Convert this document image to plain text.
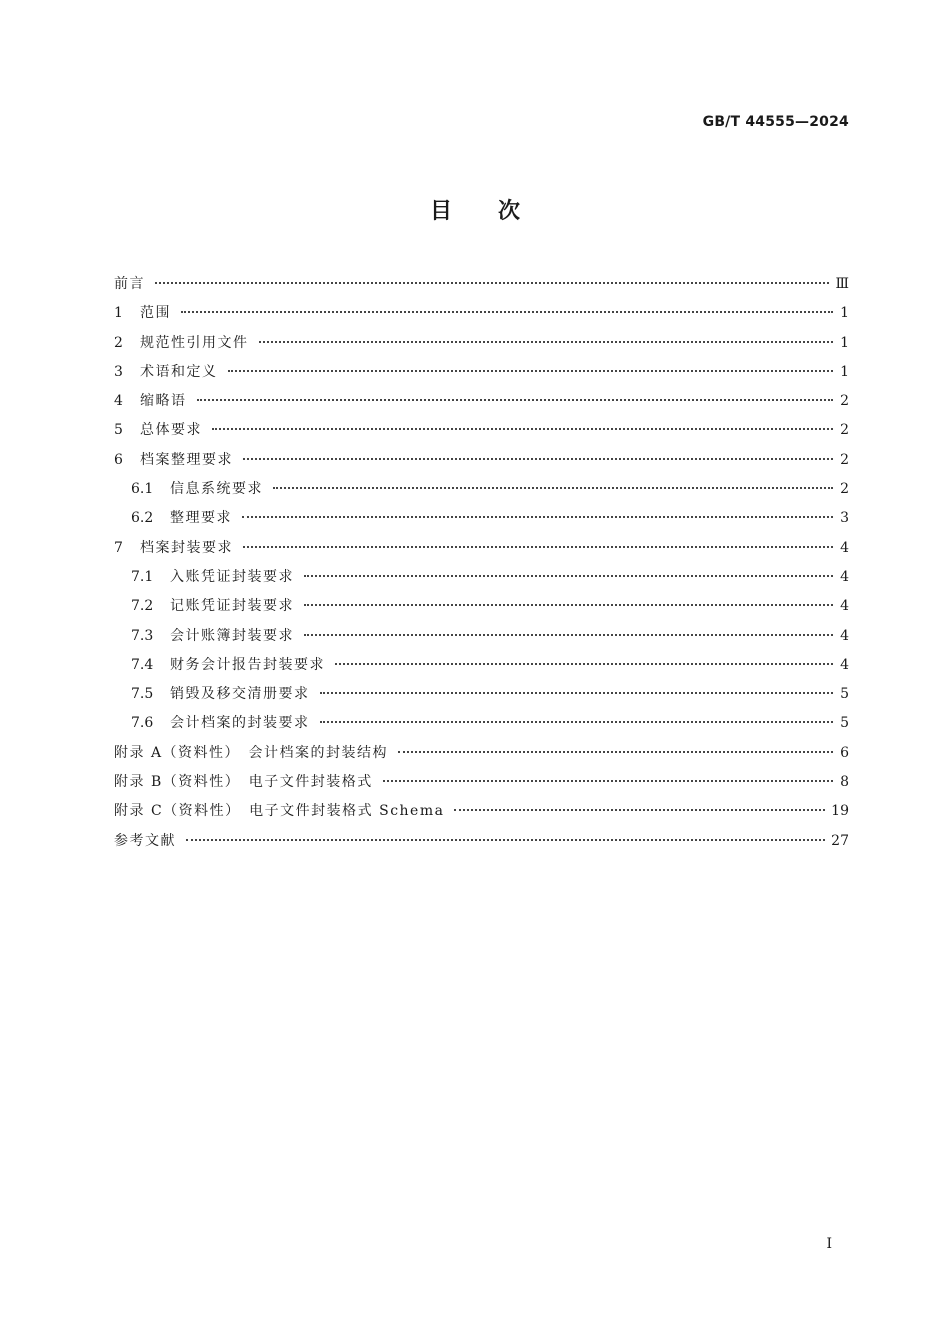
GB/T 44555—2024
目次
前言	Ⅲ
1	范围	1
2	规范性引用文件	1
3	术语和定义	1
4	缩略语	2
5	总体要求	2
6	档案整理要求	2
6.1	信息系统要求	2
6.2	整理要求	3
7	档案封装要求	4
7.1	入账凭证封装要求	4
7.2	记账凭证封装要求	4
7.3	会计账簿封装要求	4
7.4	财务会计报告封装要求	4
7.5	销毁及移交清册要求	5
7.6	会计档案的封装要求	5
附录 A（资料性）　会计档案的封装结构	6
附录 B（资料性）　电子文件封装格式	8
附录 C（资料性）　电子文件封装格式 Schema	19
参考文献	27
I
